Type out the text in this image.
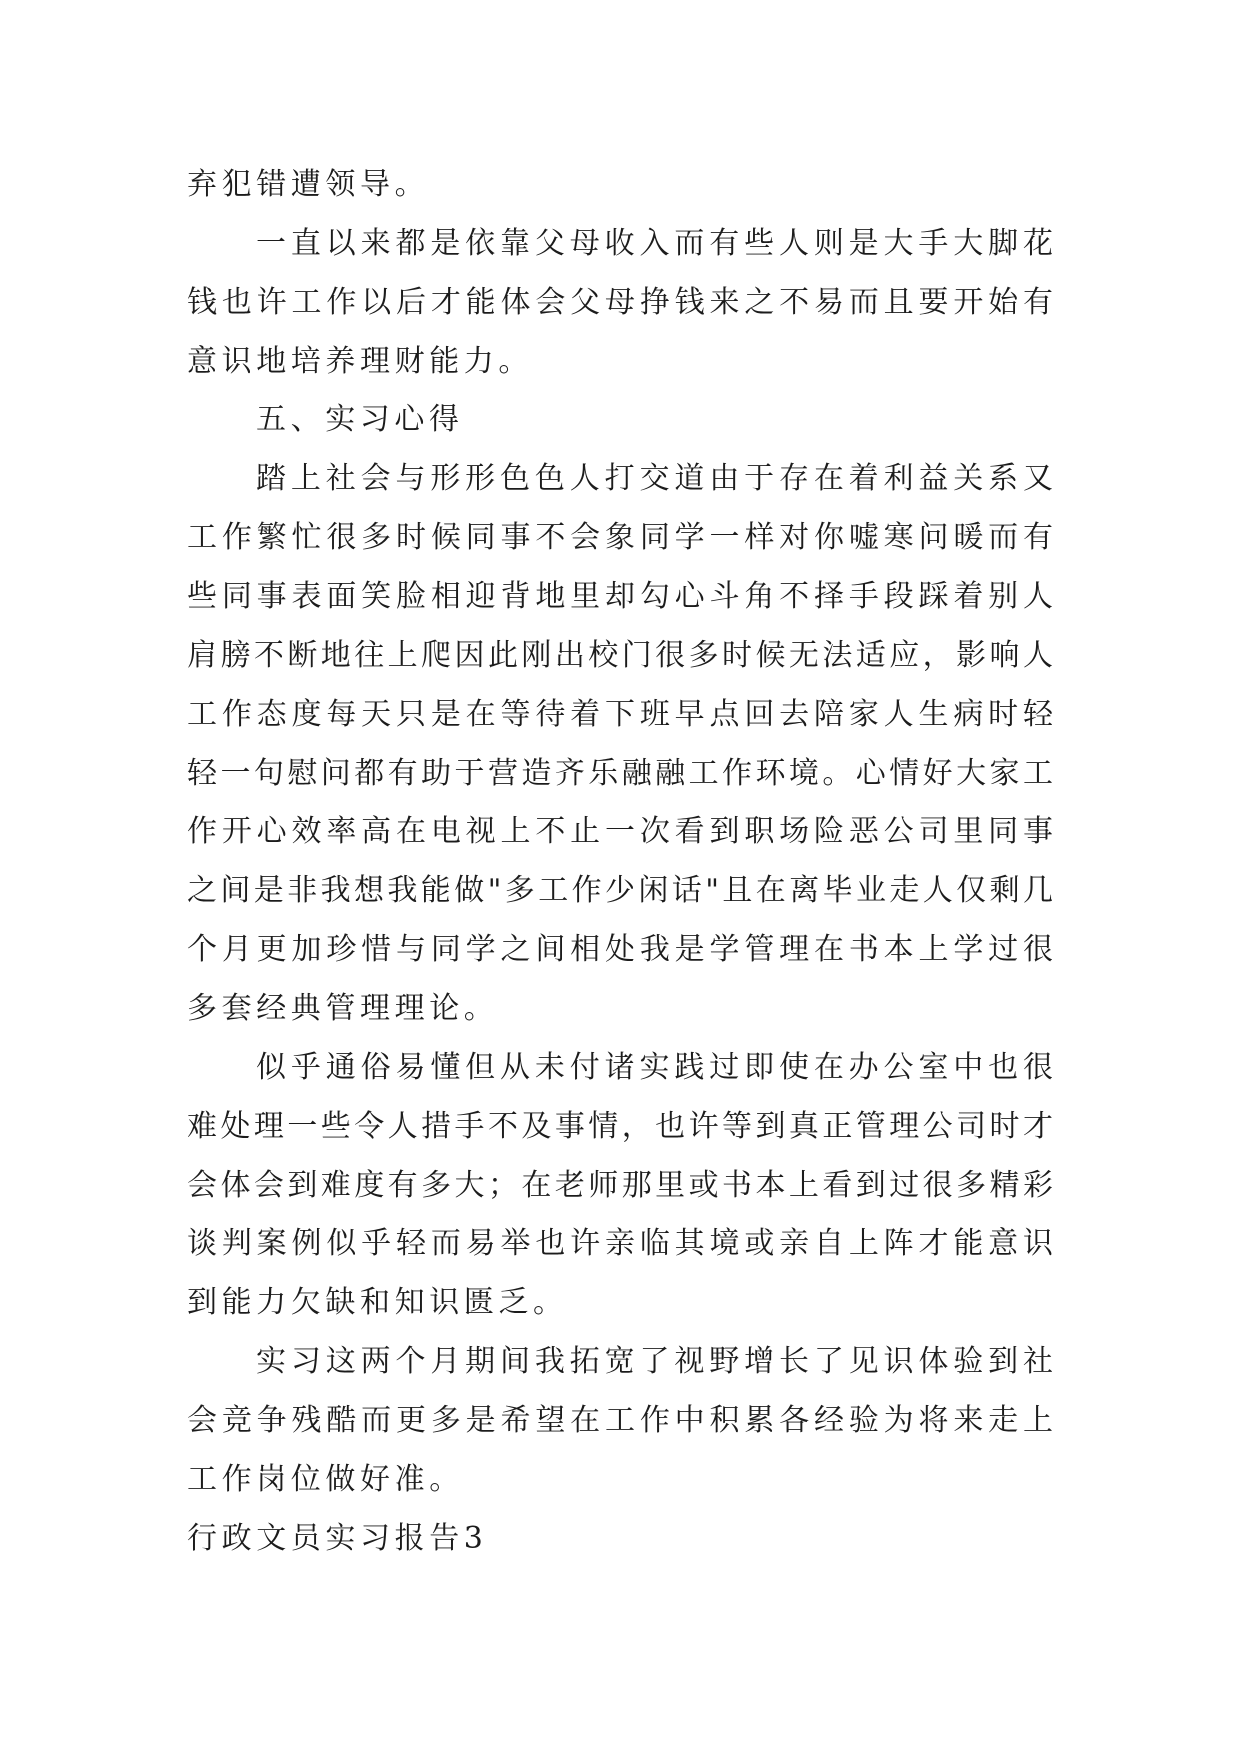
弃犯错遭领导。
一直以来都是依靠父母收入而有些人则是大手大脚花
钱也许工作以后才能体会父母挣钱来之不易而且要开始有
意识地培养理财能力。
五、实习心得
踏上社会与形形色色人打交道由于存在着利益关系又
工作繁忙很多时候同事不会象同学一样对你嘘寒问暖而有
些同事表面笑脸相迎背地里却勾心斗角不择手段踩着别人
肩膀不断地往上爬因此刚出校门很多时候无法适应，影响人
工作态度每天只是在等待着下班早点回去陪家人生病时轻
轻一句慰问都有助于营造齐乐融融工作环境。心情好大家工
作开心效率高在电视上不止一次看到职场险恶公司里同事
之间是非我想我能做"多工作少闲话"且在离毕业走人仅剩几
个月更加珍惜与同学之间相处我是学管理在书本上学过很
多套经典管理理论。
似乎通俗易懂但从未付诸实践过即使在办公室中也很
难处理一些令人措手不及事情，也许等到真正管理公司时才
会体会到难度有多大；在老师那里或书本上看到过很多精彩
谈判案例似乎轻而易举也许亲临其境或亲自上阵才能意识
到能力欠缺和知识匮乏。
实习这两个月期间我拓宽了视野增长了见识体验到社
会竞争残酷而更多是希望在工作中积累各经验为将来走上
工作岗位做好准。
行政文员实习报告3
